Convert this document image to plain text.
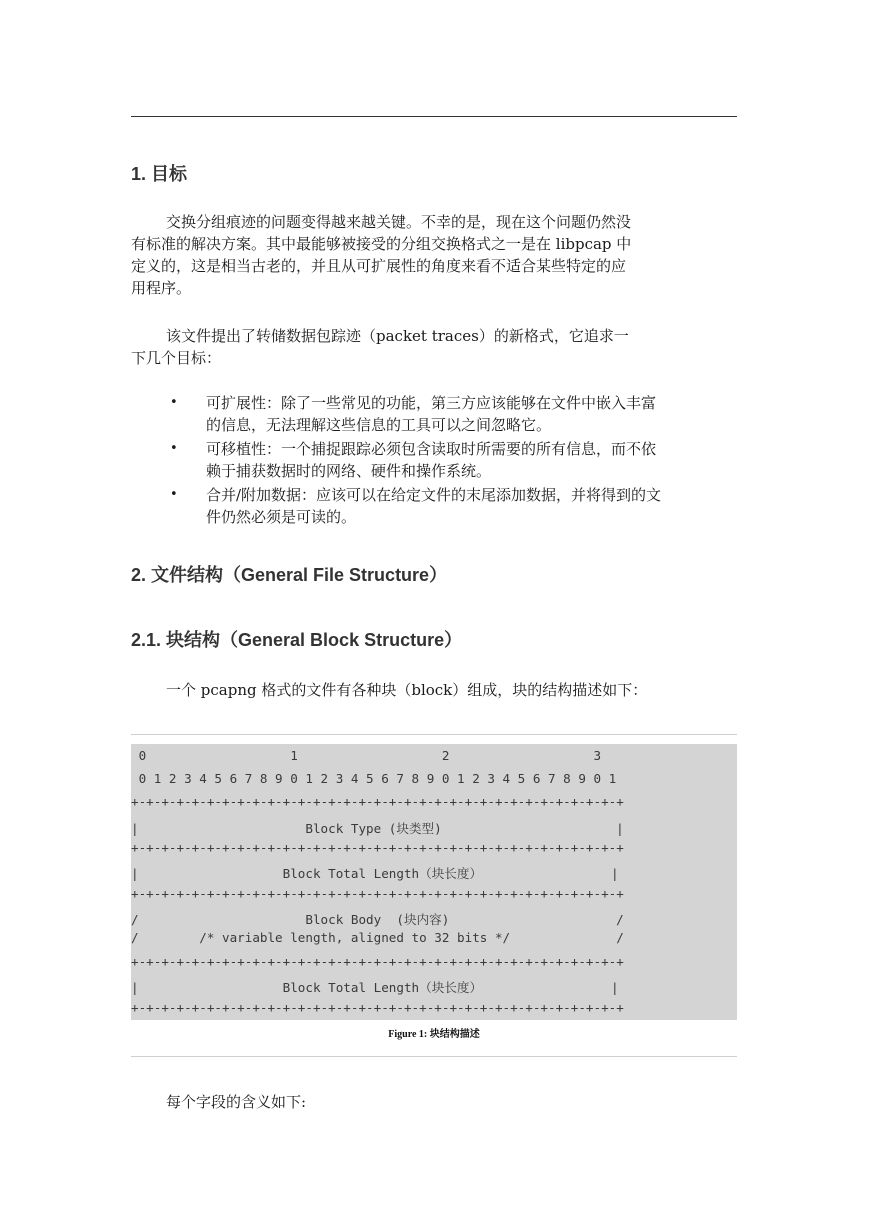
1. 目标
交换分组痕迹的问题变得越来越关键。不幸的是，现在这个问题仍然没
有标准的解决方案。其中最能够被接受的分组交换格式之一是在 libpcap 中
定义的，这是相当古老的，并且从可扩展性的角度来看不适合某些特定的应
用程序。
该文件提出了转储数据包踪迹（packet traces）的新格式，它追求一
下几个目标：
• 可扩展性：除了一些常见的功能，第三方应该能够在文件中嵌入丰富
的信息，无法理解这些信息的工具可以之间忽略它。
• 可移植性：一个捕捉跟踪必须包含读取时所需要的所有信息，而不依
赖于捕获数据时的网络、硬件和操作系统。
• 合并/附加数据：应该可以在给定文件的末尾添加数据，并将得到的文
件仍然必须是可读的。
2. 文件结构（General File Structure）
2.1. 块结构（General Block Structure）
一个 pcapng 格式的文件有各种块（block）组成，块的结构描述如下：
0                   1                   2                   3
0 1 2 3 4 5 6 7 8 9 0 1 2 3 4 5 6 7 8 9 0 1 2 3 4 5 6 7 8 9 0 1
+-+-+-+-+-+-+-+-+-+-+-+-+-+-+-+-+-+-+-+-+-+-+-+-+-+-+-+-+-+-+-+-+
|                      Block Type (块类型)                       |
+-+-+-+-+-+-+-+-+-+-+-+-+-+-+-+-+-+-+-+-+-+-+-+-+-+-+-+-+-+-+-+-+
|                   Block Total Length（块长度）                 |
+-+-+-+-+-+-+-+-+-+-+-+-+-+-+-+-+-+-+-+-+-+-+-+-+-+-+-+-+-+-+-+-+
/                      Block Body  (块内容)                      /
/        /* variable length, aligned to 32 bits */              /
+-+-+-+-+-+-+-+-+-+-+-+-+-+-+-+-+-+-+-+-+-+-+-+-+-+-+-+-+-+-+-+-+
|                   Block Total Length（块长度）                 |
+-+-+-+-+-+-+-+-+-+-+-+-+-+-+-+-+-+-+-+-+-+-+-+-+-+-+-+-+-+-+-+-+
Figure 1: 块结构描述
每个字段的含义如下:
